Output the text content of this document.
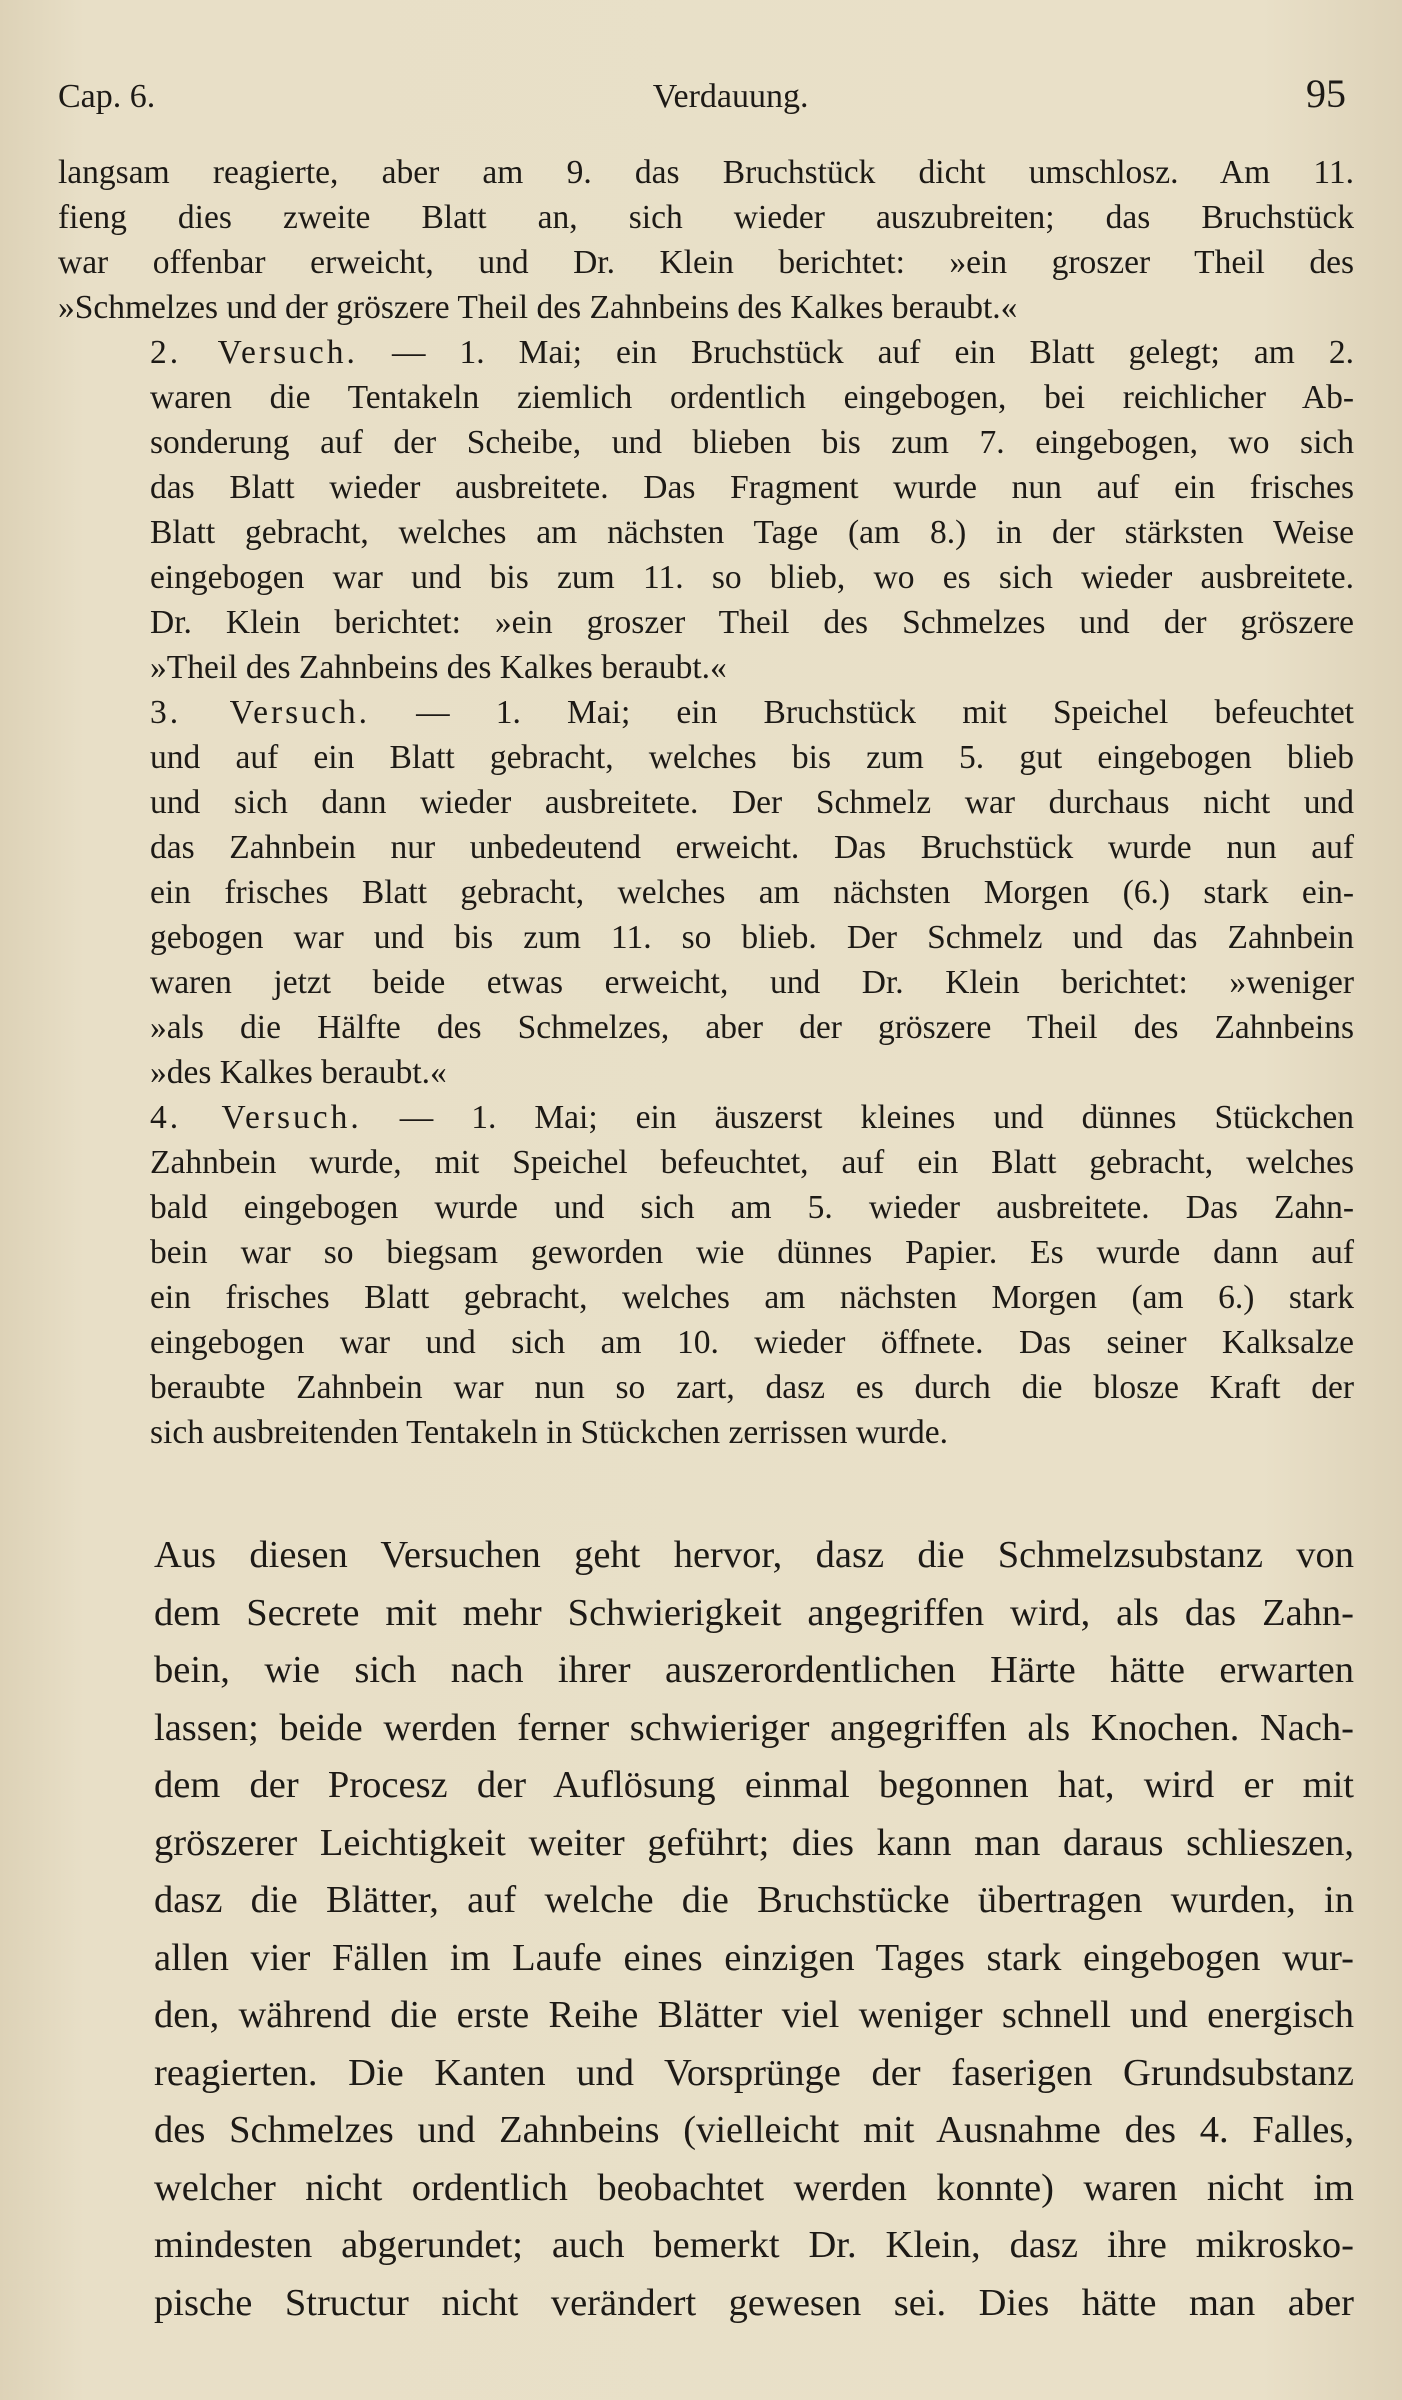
Cap. 6.	Verdauung.	95

langsam reagierte, aber am 9. das Bruchstück dicht umschlosz. Am 11.
fieng dies zweite Blatt an, sich wieder auszubreiten; das Bruchstück
war offenbar erweicht, und Dr. Klein berichtet: »ein groszer Theil des
»Schmelzes und der gröszere Theil des Zahnbeins des Kalkes beraubt.«

2. Versuch. — 1. Mai; ein Bruchstück auf ein Blatt gelegt; am 2.
waren die Tentakeln ziemlich ordentlich eingebogen, bei reichlicher Ab-
sonderung auf der Scheibe, und blieben bis zum 7. eingebogen, wo sich
das Blatt wieder ausbreitete. Das Fragment wurde nun auf ein frisches
Blatt gebracht, welches am nächsten Tage (am 8.) in der stärksten Weise
eingebogen war und bis zum 11. so blieb, wo es sich wieder ausbreitete.
Dr. Klein berichtet: »ein groszer Theil des Schmelzes und der gröszere
»Theil des Zahnbeins des Kalkes beraubt.«

3. Versuch. — 1. Mai; ein Bruchstück mit Speichel befeuchtet
und auf ein Blatt gebracht, welches bis zum 5. gut eingebogen blieb
und sich dann wieder ausbreitete. Der Schmelz war durchaus nicht und
das Zahnbein nur unbedeutend erweicht. Das Bruchstück wurde nun auf
ein frisches Blatt gebracht, welches am nächsten Morgen (6.) stark ein-
gebogen war und bis zum 11. so blieb. Der Schmelz und das Zahnbein
waren jetzt beide etwas erweicht, und Dr. Klein berichtet: »weniger
»als die Hälfte des Schmelzes, aber der gröszere Theil des Zahnbeins
»des Kalkes beraubt.«

4. Versuch. — 1. Mai; ein äuszerst kleines und dünnes Stückchen
Zahnbein wurde, mit Speichel befeuchtet, auf ein Blatt gebracht, welches
bald eingebogen wurde und sich am 5. wieder ausbreitete. Das Zahn-
bein war so biegsam geworden wie dünnes Papier. Es wurde dann auf
ein frisches Blatt gebracht, welches am nächsten Morgen (am 6.) stark
eingebogen war und sich am 10. wieder öffnete. Das seiner Kalksalze
beraubte Zahnbein war nun so zart, dasz es durch die blosze Kraft der
sich ausbreitenden Tentakeln in Stückchen zerrissen wurde.

Aus diesen Versuchen geht hervor, dasz die Schmelzsubstanz von
dem Secrete mit mehr Schwierigkeit angegriffen wird, als das Zahn-
bein, wie sich nach ihrer auszerordentlichen Härte hätte erwarten
lassen; beide werden ferner schwieriger angegriffen als Knochen. Nach-
dem der Procesz der Auflösung einmal begonnen hat, wird er mit
gröszerer Leichtigkeit weiter geführt; dies kann man daraus schlieszen,
dasz die Blätter, auf welche die Bruchstücke übertragen wurden, in
allen vier Fällen im Laufe eines einzigen Tages stark eingebogen wur-
den, während die erste Reihe Blätter viel weniger schnell und energisch
reagierten. Die Kanten und Vorsprünge der faserigen Grundsubstanz
des Schmelzes und Zahnbeins (vielleicht mit Ausnahme des 4. Falles,
welcher nicht ordentlich beobachtet werden konnte) waren nicht im
mindesten abgerundet; auch bemerkt Dr. Klein, dasz ihre mikrosko-
pische Structur nicht verändert gewesen sei. Dies hätte man aber
